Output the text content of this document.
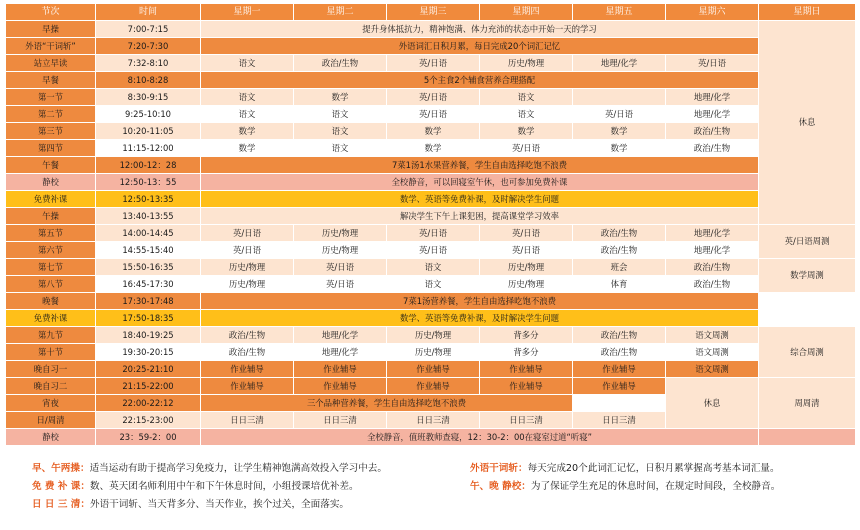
节次	时间	星期一	星期二	星期三	星期四	星期五	星期六	星期日
早操	7:00-7:15	提升身体抵抗力，精神饱满、体力充沛的状态中开始一天的学习						休息
外语“干词斩”	7:20-7:30	外语词汇日积月累，每日完成20个词汇记忆						
站立早读	7:32-8:10	语文	政治/生物	英/日语	历史/物理	地理/化学	英/日语	
早餐	8:10-8:28	5个主食2个辅食营养合理搭配						
第一节	8:30-9:15	语文	数学	英/日语	语文		地理/化学	
第二节	9:25-10:10	语文	语文	英/日语	语文	英/日语	地理/化学	
第三节	10:20-11:05	数学	语文	数学	数学	数学	政治/生物	
第四节	11:15-12:00	数学	语文	数学	英/日语	数学	政治/生物	
午餐	12:00-12：28	7菜1汤1水果营养餐，学生自由选择吃饱不浪费						
静校	12:50-13：55	全校静音，可以回寝室午休，也可参加免费补课						
免费补课	12:50-13:35	数学、英语等免费补课，及时解决学生问题						
午操	13:40-13:55	解决学生下午上课犯困，提高课堂学习效率						
第五节	14:00-14:45	英/日语	历史/物理	英/日语	英/日语	政治/生物	地理/化学	英/日语周测
第六节	14:55-15:40	英/日语	历史/物理	英/日语	英/日语	政治/生物	地理/化学	
第七节	15:50-16:35	历史/物理	英/日语	语文	历史/物理	班会	政治/生物	数学周测
第八节	16:45-17:30	历史/物理	英/日语	语文	历史/物理	体育	政治/生物	
晚餐	17:30-17:48	7菜1汤营养餐，学生自由选择吃饱不浪费						
免费补课	17:50-18:35	数学、英语等免费补课，及时解决学生问题						
第九节	18:40-19:25	政治/生物	地理/化学	历史/物理	背多分	政治/生物	语文周测	综合周测
第十节	19:30-20:15	政治/生物	地理/化学	历史/物理	背多分	政治/生物	语文周测	
晚自习一	20:25-21:10	作业辅导	作业辅导	作业辅导	作业辅导	作业辅导	语文周测	
晚自习二	21:15-22:00	作业辅导	作业辅导	作业辅导	作业辅导	作业辅导	休息	周周清
宵夜	22:00-22:12	三个品种营养餐，学生自由选择吃饱不浪费						
日/周清	22:15-23:00	日日三清	日日三清	日日三清	日日三清	日日三清		
静校	23：59-2：00	全校静音，值班教师查寝，12：30-2：00在寝室过道“听寝”						
早、午两操：适当运动有助于提高学习免疫力，让学生精神饱满高效投入学习中去。
免 费 补 课：数、英天团名师利用中午和下午休息时间，小组授课培优补差。
日 日 三 清：外语干词斩、当天背多分、当天作业，挨个过关，全面落实。
外语干词斩：每天完成20个此词汇记忆，日积月累掌握高考基本词汇量。
午、晚 静校：为了保证学生充足的休息时间，在规定时间段，全校静音。
